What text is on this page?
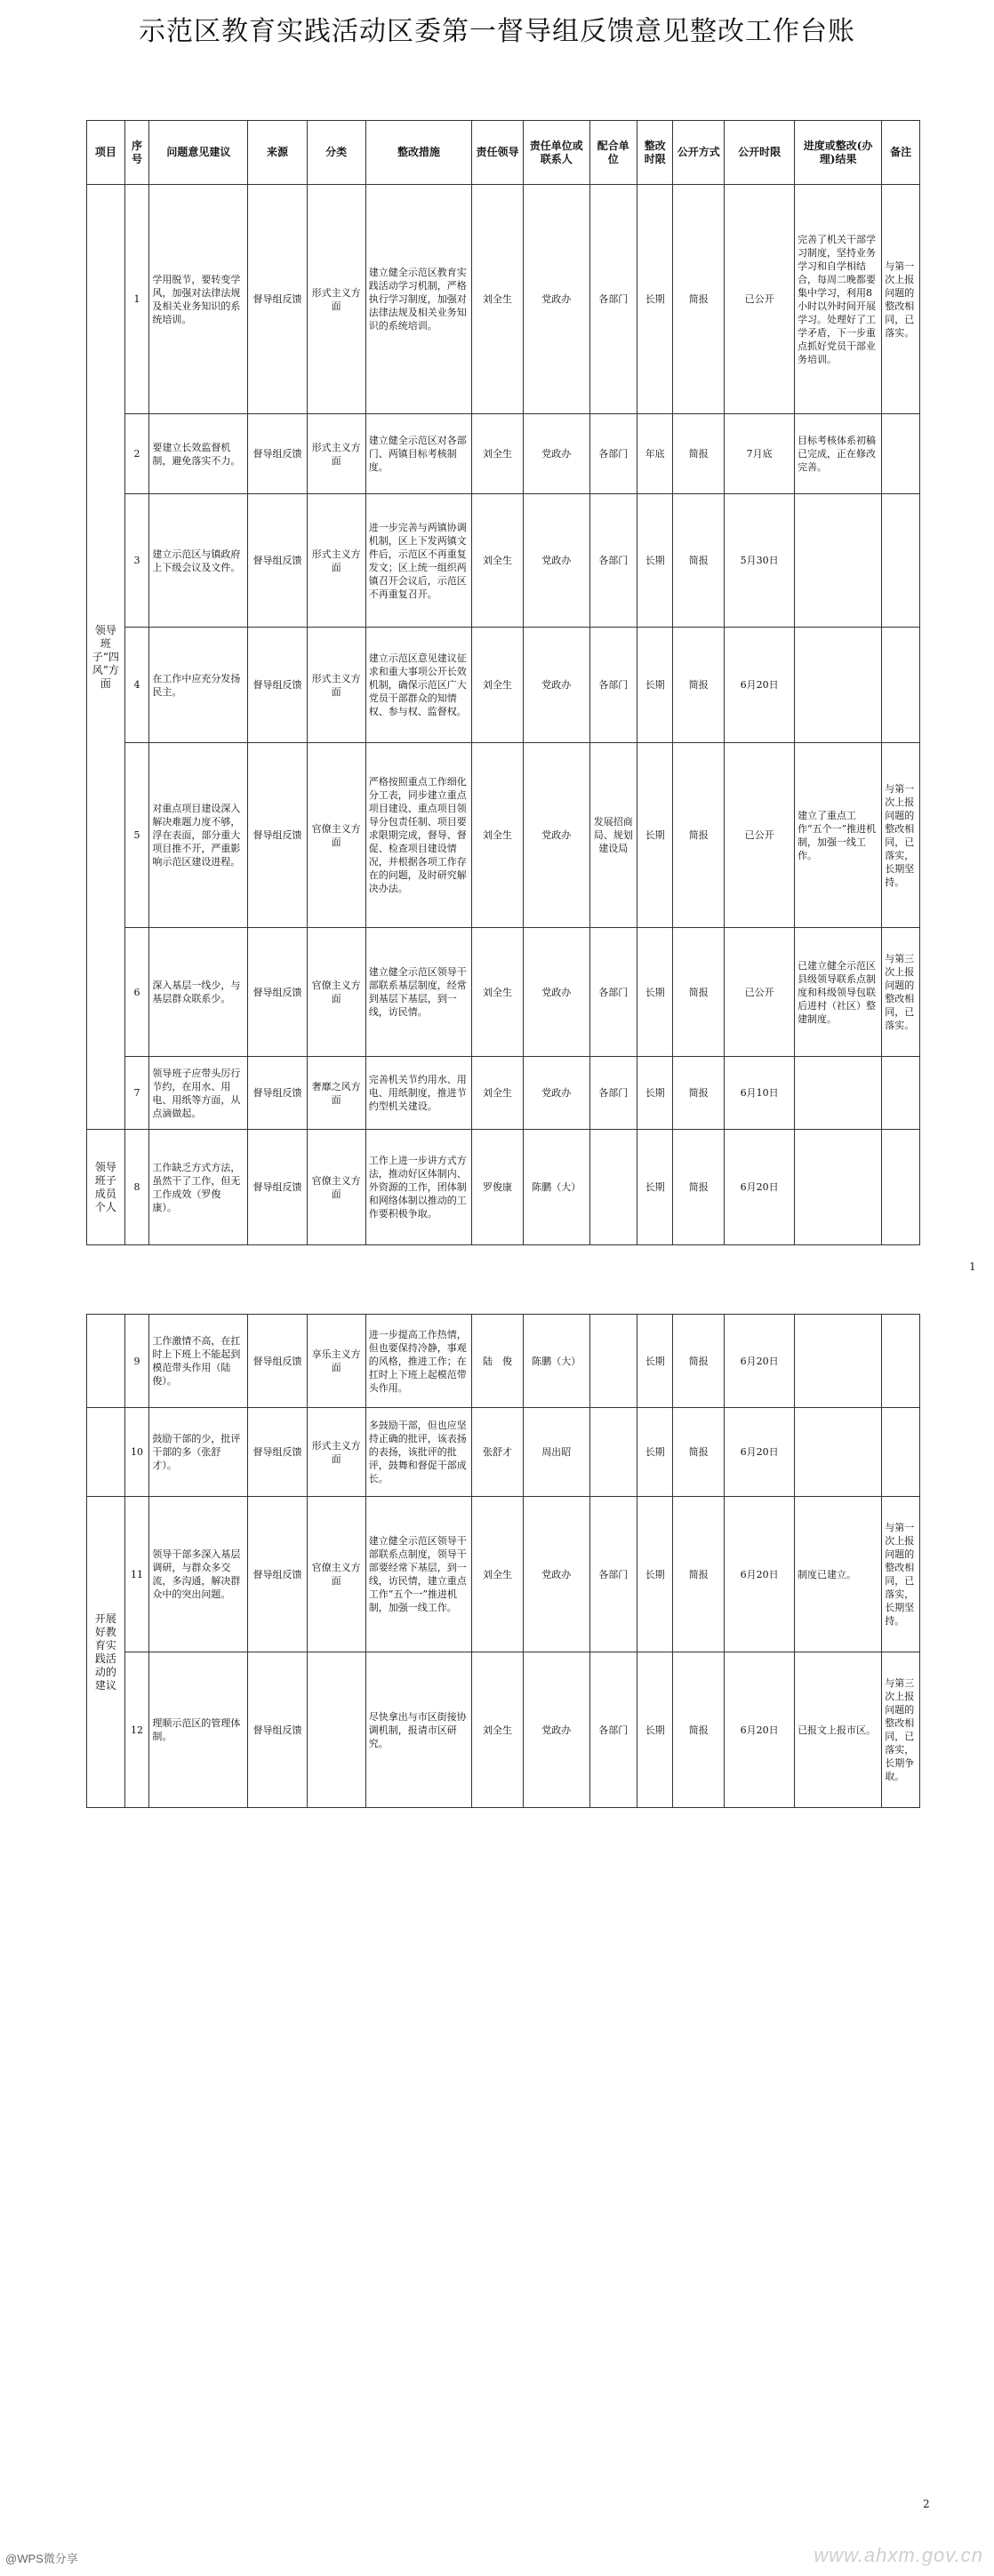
示范区教育实践活动区委第一督导组反馈意见整改工作台账
项目	序号	问题意见建议	来源	分类	整改措施	责任领导	责任单位或联系人	配合单位	整改时限	公开方式	公开时限	进度或整改(办理)结果	备注
领导班子“四风”方面	1	学用脱节，要转变学风，加强对法律法规及相关业务知识的系统培训。	督导组反馈	形式主义方面	建立健全示范区教育实践活动学习机制，严格执行学习制度，加强对法律法规及相关业务知识的系统培训。	刘全生	党政办	各部门	长期	简报	已公开	完善了机关干部学习制度，坚持业务学习和自学相结合，每周二晚都要集中学习，利用8小时以外时间开展学习。处理好了工学矛盾，下一步重点抓好党员干部业务培训。	与第一次上报问题的整改相同，已落实。
	2	要建立长效监督机制，避免落实不力。	督导组反馈	形式主义方面	建立健全示范区对各部门、两镇目标考核制度。	刘全生	党政办	各部门	年底	简报	7月底	目标考核体系初稿已完成，正在修改完善。	
	3	建立示范区与镇政府上下级会议及文件。	督导组反馈	形式主义方面	进一步完善与两镇协调机制，区上下发两镇文件后，示范区不再重复发文；区上统一组织两镇召开会议后，示范区不再重复召开。	刘全生	党政办	各部门	长期	简报	5月30日		
	4	在工作中应充分发扬民主。	督导组反馈	形式主义方面	建立示范区意见建议征求和重大事项公开长效机制，确保示范区广大党员干部群众的知情权、参与权、监督权。	刘全生	党政办	各部门	长期	简报	6月20日		
	5	对重点项目建设深入解决难题力度不够，浮在表面，部分重大项目推不开，严重影响示范区建设进程。	督导组反馈	官僚主义方面	严格按照重点工作细化分工表，同步建立重点项目建设、重点项目领导分包责任制、项目要求限期完成，督导、督促、检查项目建设情况，并根据各项工作存在的问题，及时研究解决办法。	刘全生	党政办	发展招商局、规划建设局	长期	简报	已公开	建立了重点工作“五个一”推进机制，加强一线工作。	与第一次上报问题的整改相同，已落实，长期坚持。
	6	深入基层一线少，与基层群众联系少。	督导组反馈	官僚主义方面	建立健全示范区领导干部联系基层制度，经常到基层下基层，到一线，访民情。	刘全生	党政办	各部门	长期	简报	已公开	已建立健全示范区县级领导联系点制度和科级领导包联后进村（社区）整建制度。	与第三次上报问题的整改相同，已落实。
	7	领导班子应带头厉行节约，在用水、用电、用纸等方面，从点滴做起。	督导组反馈	奢靡之风方面	完善机关节约用水、用电、用纸制度，推进节约型机关建设。	刘全生	党政办	各部门	长期	简报	6月10日		
领导班子成员个人	8	工作缺乏方式方法，虽然干了工作，但无工作成效（罗俊康）。	督导组反馈	官僚主义方面	工作上进一步讲方式方法，推动好区体制内、外资源的工作，团体制和网络体制以推动的工作要积极争取。	罗俊康	陈鹏（大）		长期	简报	6月20日		
1
	9	工作激情不高，在扛时上下班上不能起到模范带头作用（陆俊）。	督导组反馈	享乐主义方面	进一步提高工作热情，但也要保持冷静，事观的风格，推进工作；在扛时上下班上起模范带头作用。	陆　俊	陈鹏（大）		长期	简报	6月20日		
	10	鼓励干部的少，批评干部的多（张舒才）。	督导组反馈	形式主义方面	多鼓励干部，但也应坚持正确的批评，该表扬的表扬，该批评的批评，鼓舞和督促干部成长。	张舒才	周出昭		长期	简报	6月20日		
开展好教育实践活动的建议	11	领导干部多深入基层调研，与群众多交流，多沟通，解决群众中的突出问题。	督导组反馈	官僚主义方面	建立健全示范区领导干部联系点制度，领导干部要经常下基层，到一线，访民情，建立重点工作“五个一”推进机制，加强一线工作。	刘全生	党政办	各部门	长期	简报	6月20日	制度已建立。	与第一次上报问题的整改相同，已落实，长期坚持。
	12	理顺示范区的管理体制。	督导组反馈		尽快拿出与市区街接协调机制，报请市区研究。	刘全生	党政办	各部门	长期	简报	6月20日	已报文上报市区。	与第三次上报问题的整改相同，已落实，长期争取。
2
@WPS微分享	www.ahxm.gov.cn
